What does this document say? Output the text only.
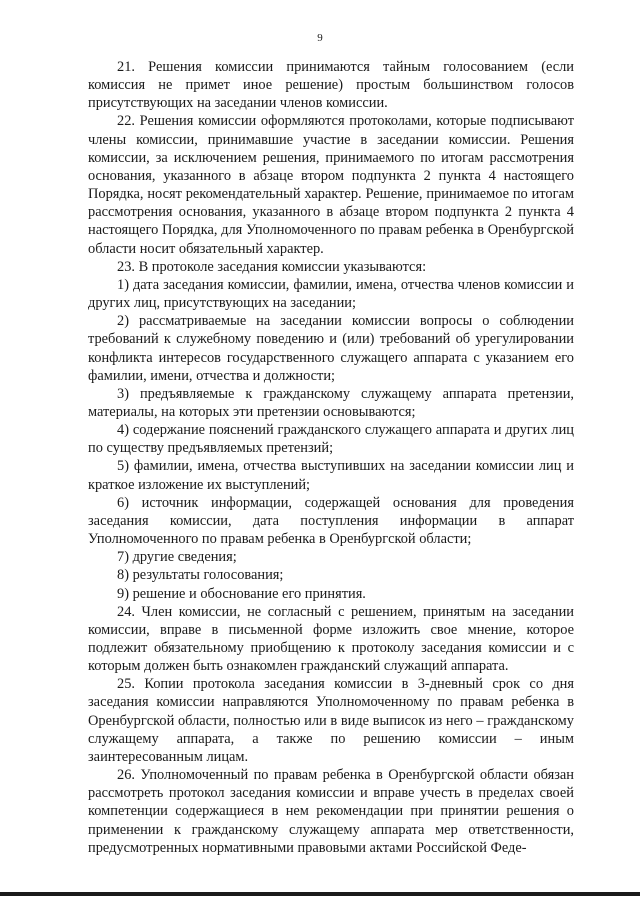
9

21. Решения комиссии принимаются тайным голосованием (если комиссия не примет иное решение) простым большинством голосов присутствующих на заседании членов комиссии.

22. Решения комиссии оформляются протоколами, которые подписывают члены комиссии, принимавшие участие в заседании комиссии. Решения комиссии, за исключением решения, принимаемого по итогам рассмотрения основания, указанного в абзаце втором подпункта 2 пункта 4 настоящего Порядка, носят рекомендательный характер. Решение, принимаемое по итогам рассмотрения основания, указанного в абзаце втором подпункта 2 пункта 4 настоящего Порядка, для Уполномоченного по правам ребенка в Оренбургской области носит обязательный характер.

23. В протоколе заседания комиссии указываются:

1) дата заседания комиссии, фамилии, имена, отчества членов комиссии и других лиц, присутствующих на заседании;

2) рассматриваемые на заседании комиссии вопросы о соблюдении требований к служебному поведению и (или) требований об урегулировании конфликта интересов государственного служащего аппарата с указанием его фамилии, имени, отчества и должности;

3) предъявляемые к гражданскому служащему аппарата претензии, материалы, на которых эти претензии основываются;

4) содержание пояснений гражданского служащего аппарата и других лиц по существу предъявляемых претензий;

5) фамилии, имена, отчества выступивших на заседании комиссии лиц и краткое изложение их выступлений;

6) источник информации, содержащей основания для проведения заседания комиссии, дата поступления информации в аппарат Уполномоченного по правам ребенка в Оренбургской области;

7) другие сведения;

8) результаты голосования;

9) решение и обоснование его принятия.

24. Член комиссии, не согласный с решением, принятым на заседании комиссии, вправе в письменной форме изложить свое мнение, которое подлежит обязательному приобщению к протоколу заседания комиссии и с которым должен быть ознакомлен гражданский служащий аппарата.

25. Копии протокола заседания комиссии в 3-дневный срок со дня заседания комиссии направляются Уполномоченному по правам ребенка в Оренбургской области, полностью или в виде выписок из него – гражданскому служащему аппарата, а также по решению комиссии – иным заинтересованным лицам.

26. Уполномоченный по правам ребенка в Оренбургской области обязан рассмотреть протокол заседания комиссии и вправе учесть в пределах своей компетенции содержащиеся в нем рекомендации при принятии решения о применении к гражданскому служащему аппарата мер ответственности, предусмотренных нормативными правовыми актами Российской Феде-
